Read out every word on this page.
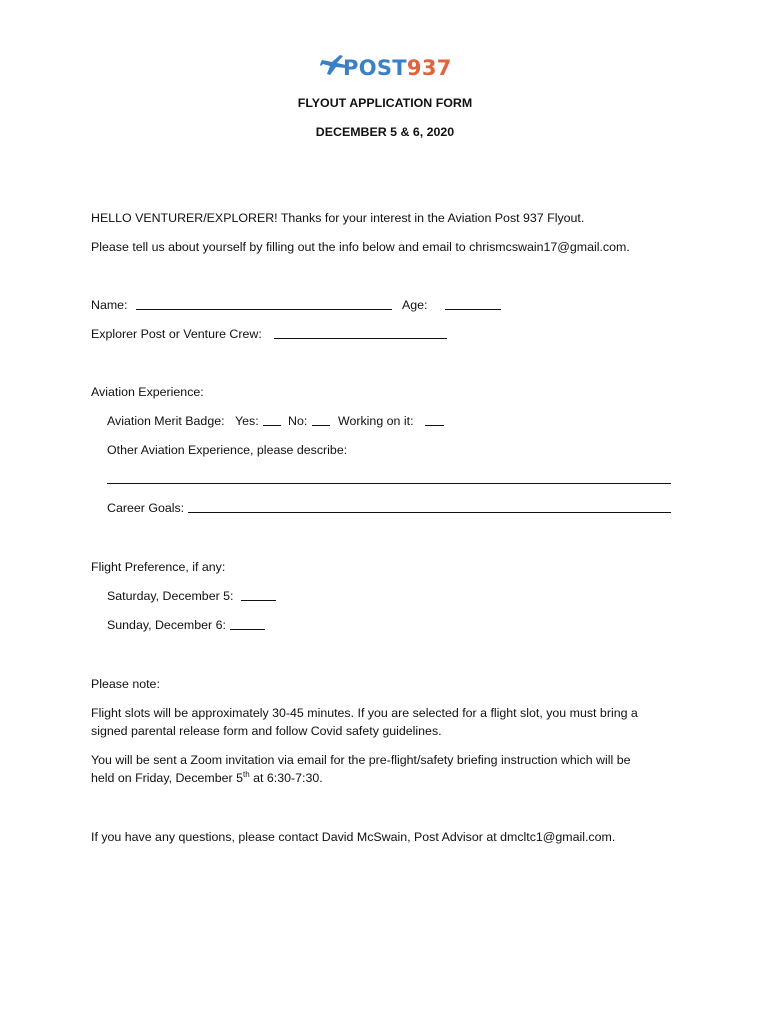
POST937
FLYOUT APPLICATION FORM
DECEMBER 5 & 6, 2020
HELLO VENTURER/EXPLORER! Thanks for your interest in the Aviation Post 937 Flyout.
Please tell us about yourself by filling out the info below and email to chrismcswain17@gmail.com.
Name:	Age:
Explorer Post or Venture Crew:
Aviation Experience:
Aviation Merit Badge: Yes: No: Working on it:
Other Aviation Experience, please describe:
Career Goals:
Flight Preference, if any:
Saturday, December 5:
Sunday, December 6:
Please note:
Flight slots will be approximately 30-45 minutes. If you are selected for a flight slot, you must bring a
signed parental release form and follow Covid safety guidelines.
You will be sent a Zoom invitation via email for the pre-flight/safety briefing instruction which will be
held on Friday, December 5th at 6:30-7:30.
If you have any questions, please contact David McSwain, Post Advisor at dmcltc1@gmail.com.
